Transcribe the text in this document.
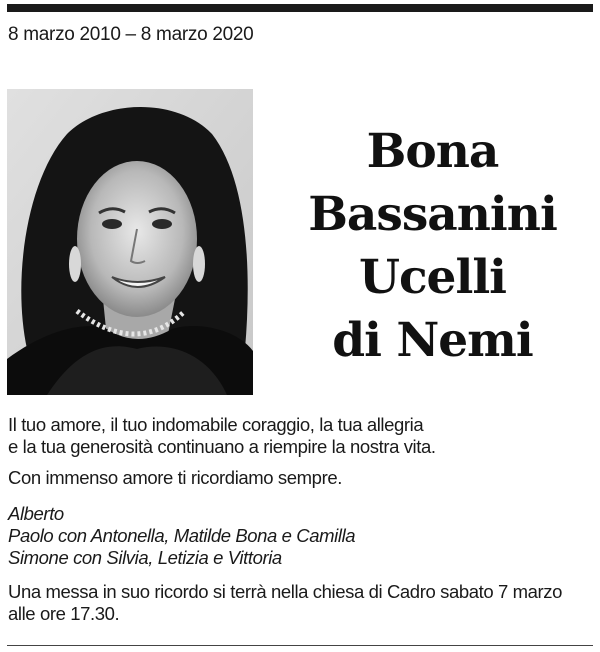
8 marzo 2010 – 8 marzo 2020
Bona
Bassanini
Ucelli
di Nemi
Il tuo amore, il tuo indomabile coraggio, la tua allegria
e la tua generosità continuano a riempire la nostra vita.
Con immenso amore ti ricordiamo sempre.
Alberto
Paolo con Antonella, Matilde Bona e Camilla
Simone con Silvia, Letizia e Vittoria
Una messa in suo ricordo si terrà nella chiesa di Cadro sabato 7 marzo
alle ore 17.30.
